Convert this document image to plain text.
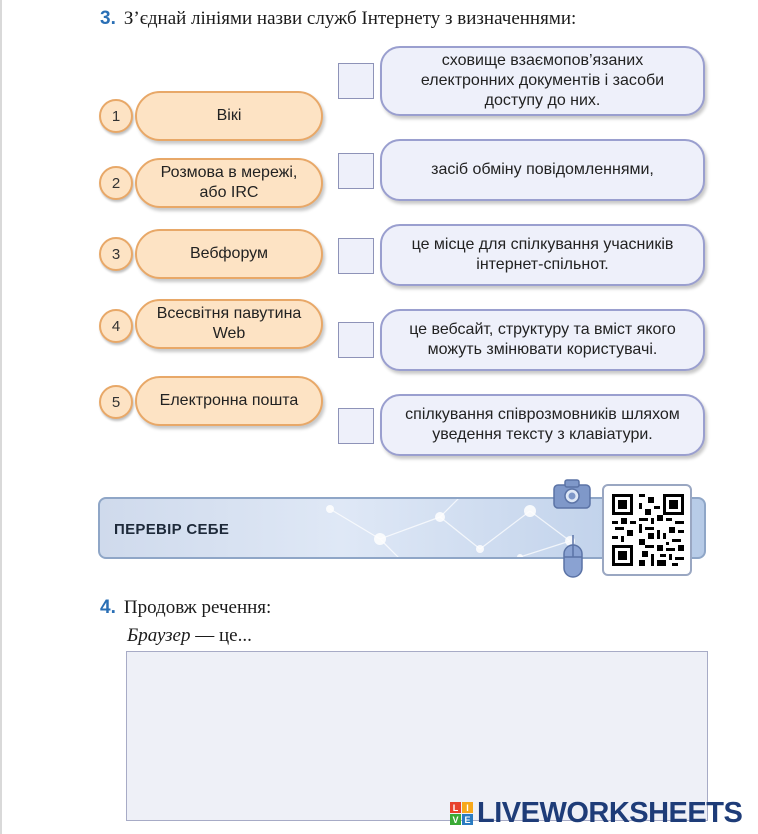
3. З’єднай лініями назви служб Інтернету з визначеннями:
1	Вікі
2
Розмова в мережі, або IRC
3	Вебфорум
4
Всесвітня павутина Web
5	Електронна пошта
сховище взаємопов’язаних електронних документів і засоби доступу до них.
засіб обміну повідомленнями,
це місце для спілкування учасників інтернет-спільнот.
це вебсайт, структуру та вміст якого можуть змінювати користувачі.
спілкування співрозмовників шляхом уведення тексту з клавіатури.
ПЕРЕВІР СЕБЕ
4. Продовж речення:
Браузер — це...
L I
V E LIVEWORKSHEETS
